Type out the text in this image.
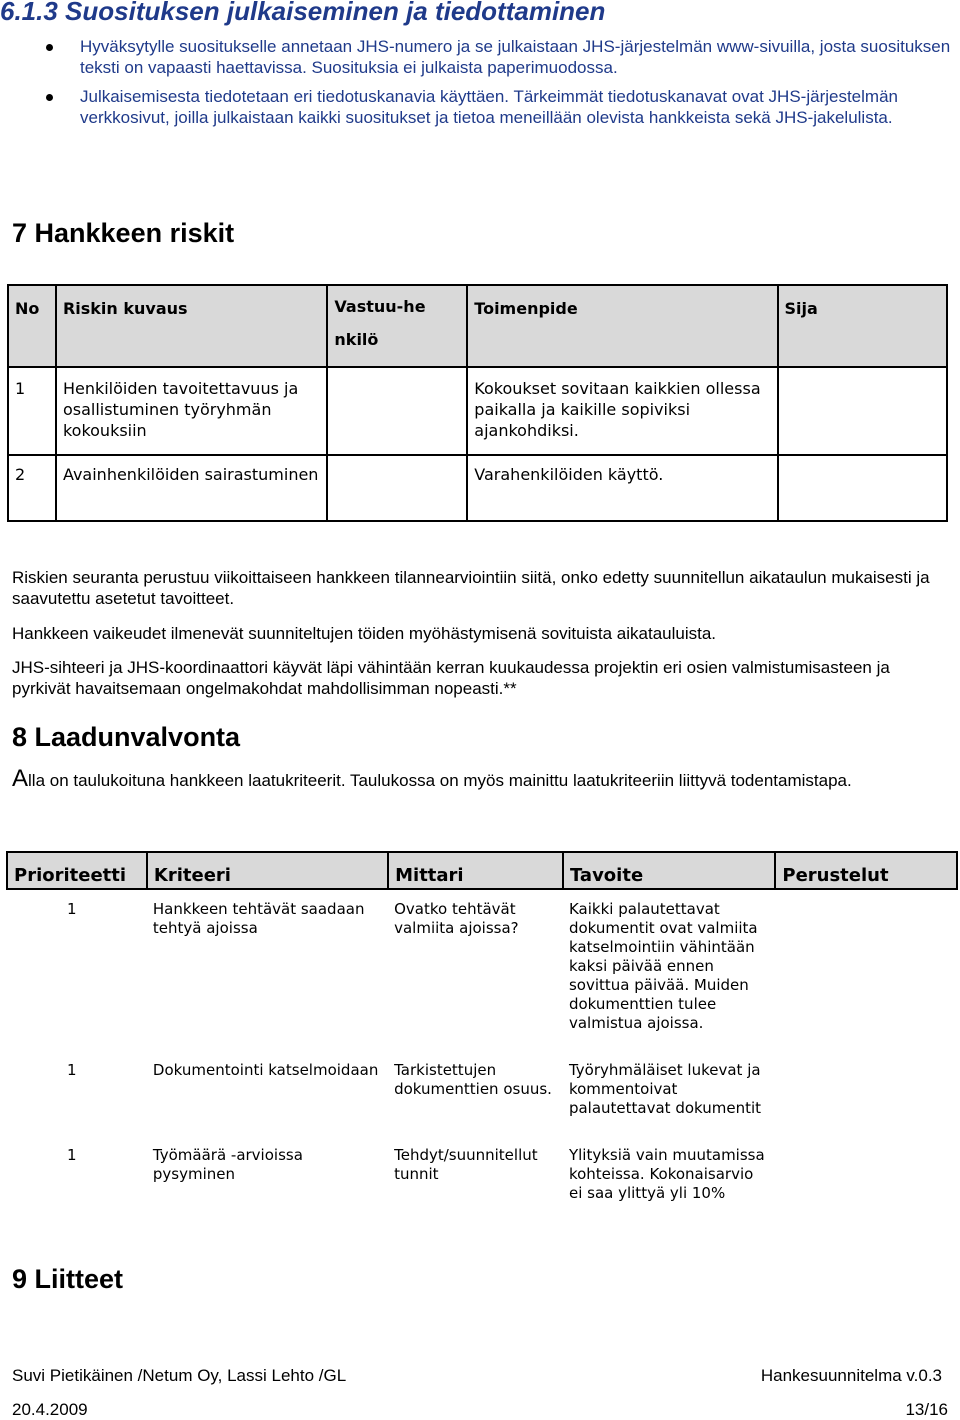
6.1.3 Suosituksen julkaiseminen ja tiedottaminen
Hyväksytylle suositukselle annetaan JHS-numero ja se julkaistaan JHS-järjestelmän www-sivuilla, josta suosituksen teksti on vapaasti haettavissa. Suosituksia ei julkaista paperimuodossa.
Julkaisemisesta tiedotetaan eri tiedotuskanavia käyttäen. Tärkeimmät tiedotuskanavat ovat JHS-järjestelmän verkkosivut, joilla julkaistaan kaikki suositukset ja tietoa meneillään olevista hankkeista sekä JHS-jakelulista.
7 Hankkeen riskit
No	Riskin kuvaus	Vastuu-henkilö	Toimenpide	Sija
1	Henkilöiden tavoitettavuus ja osallistuminen työryhmän kokouksiin		Kokoukset sovitaan kaikkien ollessa paikalla ja kaikille sopiviksi ajankohdiksi.	
2	Avainhenkilöiden sairastuminen		Varahenkilöiden käyttö.	

Riskien seuranta perustuu viikoittaiseen hankkeen tilannearviointiin siitä, onko edetty suunnitellun aikataulun mukaisesti ja saavutettu asetetut tavoitteet.

Hankkeen vaikeudet ilmenevät suunniteltujen töiden myöhästymisenä sovituista aikatauluista.

JHS-sihteeri ja JHS-koordinaattori käyvät läpi vähintään kerran kuukaudessa projektin eri osien valmistumisasteen ja pyrkivät havaitsemaan ongelmakohdat mahdollisimman nopeasti.**

8 Laadunvalvonta

Alla on taulukoituna hankkeen laatukriteerit. Taulukossa on myös mainittu laatukriteeriin liittyvä todentamistapa.

Prioriteetti	Kriteeri	Mittari	Tavoite	Perustelut
1	Hankkeen tehtävät saadaan tehtyä ajoissa	Ovatko tehtävät valmiita ajoissa?	Kaikki palautettavat dokumentit ovat valmiita katselmointiin vähintään kaksi päivää ennen sovittua päivää. Muiden dokumenttien tulee valmistua ajoissa.	
1	Dokumentointi katselmoidaan	Tarkistettujen dokumenttien osuus.	Työryhmäläiset lukevat ja kommentoivat palautettavat dokumentit	
1	Työmäärä -arvioissa pysyminen	Tehdyt/suunnitellut tunnit	Ylityksiä vain muutamissa kohteissa. Kokonaisarvio ei saa ylittyä yli 10%	
9 Liitteet

Suvi Pietikäinen /Netum Oy, Lassi Lehto /GL	Hankesuunnitelma v.0.3

20.4.2009	13/16
